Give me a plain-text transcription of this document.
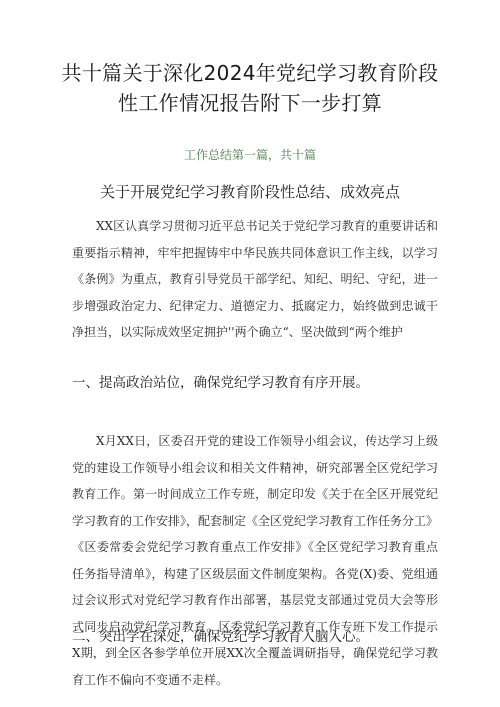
共十篇关于深化2024年党纪学习教育阶段性工作情况报告附下一步打算
工作总结第一篇，共十篇
关于开展党纪学习教育阶段性总结、成效亮点

XX区认真学习贯彻习近平总书记关于党纪学习教育的重要讲话和重要指示精神，牢牢把握铸牢中华民族共同体意识工作主线，以学习《条例》为重点，教育引导党员干部学纪、知纪、明纪、守纪，进一步增强政治定力、纪律定力、道德定力、抵腐定力，始终做到忠诚干净担当，以实际成效坚定拥护''两个确立“、坚决做到“两个维护

一、提高政治站位，确保党纪学习教育有序开展。

X月XX日，区委召开党的建设工作领导小组会议，传达学习上级党的建设工作领导小组会议和相关文件精神，研究部署全区党纪学习教育工作。第一时间成立工作专班，制定印发《关于在全区开展党纪学习教育的工作安排》，配套制定《全区党纪学习教育工作任务分工》《区委常委会党纪学习教育重点工作安排》《全区党纪学习教育重点任务指导清单》，构建了区级层面文件制度架构。各党(X)委、党组通过会议形式对党纪学习教育作出部署，基层党支部通过党员大会等形式同步启动党纪学习教育。区委党纪学习教育工作专班下发工作提示X期，到全区各参学单位开展XX次全覆盖调研指导，确保党纪学习教育工作不偏向不变通不走样。

二、突出学在深处，确保党纪学习教育入脑入心。
